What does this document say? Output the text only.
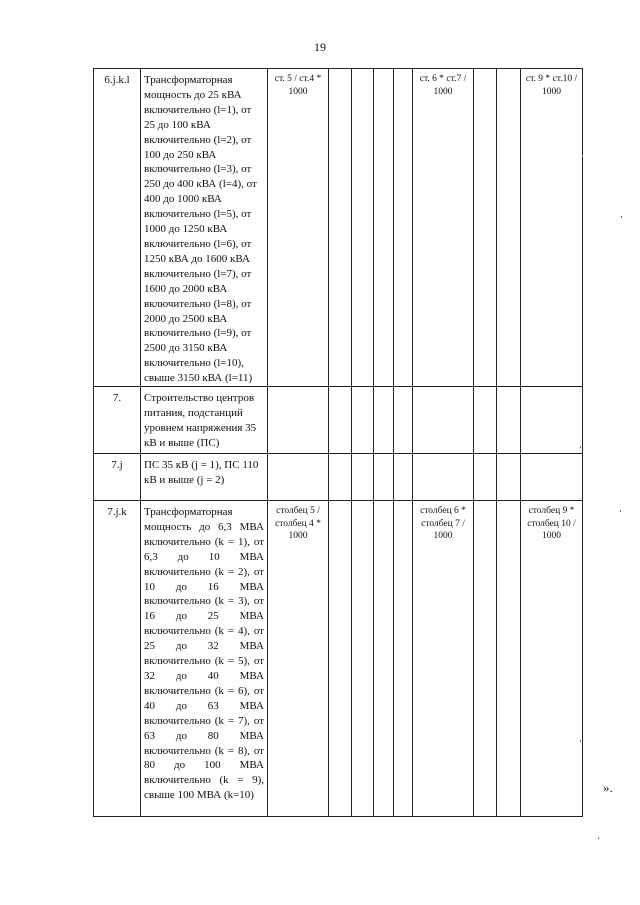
19
6.j.k.l	Трансформаторная мощность до 25 кВА включительно (l=1), от 25 до 100 кВА включительно (l=2), от 100 до 250 кВА включительно (l=3), от 250 до 400 кВА (l=4), от 400 до 1000 кВА включительно (l=5), от 1000 до 1250 кВА включительно (l=6), от 1250 кВА до 1600 кВА включительно (l=7), от 1600 до 2000 кВА включительно (l=8), от 2000 до 2500 кВА включительно (l=9), от 2500 до 3150 кВА включительно (l=10), свыше 3150 кВА (l=11)	ст. 5 / ст.4 * 1000					ст. 6 * ст.7 / 1000			ст. 9 * ст.10 / 1000
7.	Строительство центров питания, подстанций уровнем напряжения 35 кВ и выше (ПС)									
7.j	ПС 35 кВ (j = 1), ПС 110 кВ и выше (j = 2)									
7.j.k	Трансформаторная мощность до 6,3 МВА включительно (k = 1), от 6,3 до 10 МВА включительно (k = 2), от 10 до 16 МВА включительно (k = 3), от 16 до 25 МВА включительно (k = 4), от 25 до 32 МВА включительно (k = 5), от 32 до 40 МВА включительно (k = 6), от 40 до 63 МВА включительно (k = 7), от 63 до 80 МВА включительно (k = 8), от 80 до 100 МВА включительно (k = 9), свыше 100 МВА (k=10)	столбец 5 / столбец 4 * 1000					столбец 6 * столбец 7 / 1000			столбец 9 * столбец 10 / 1000
».
